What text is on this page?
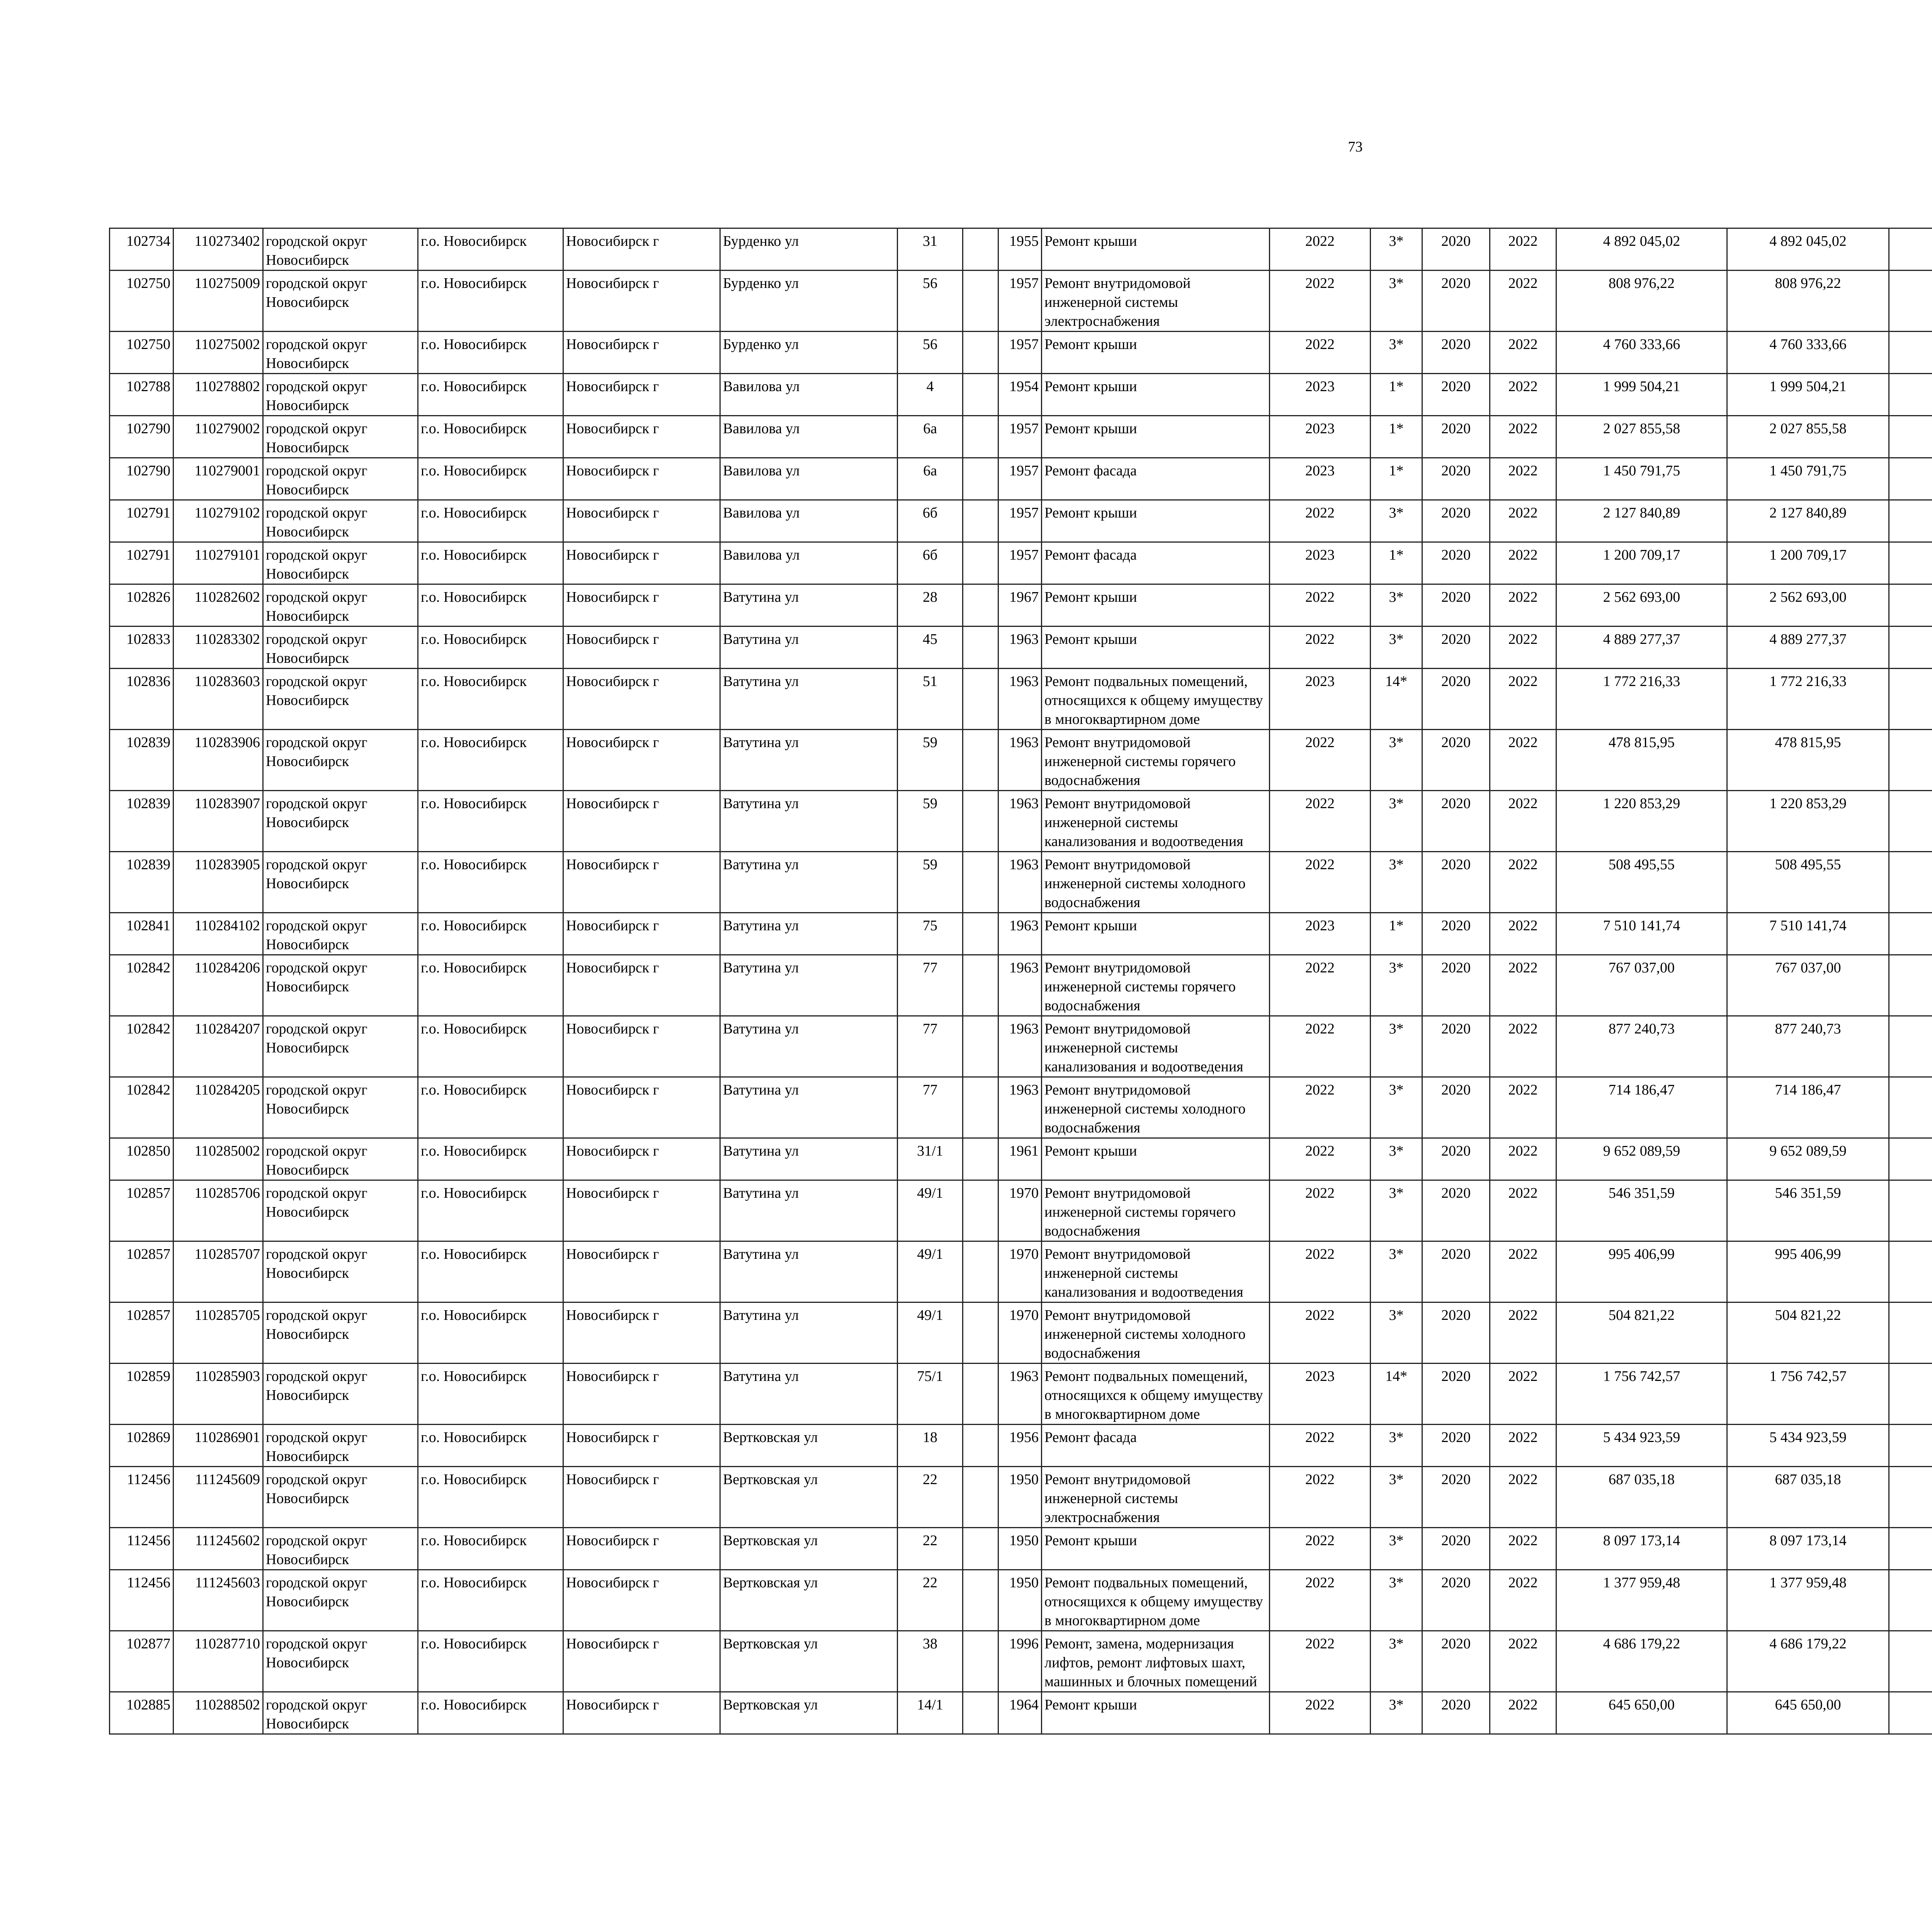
73
102734	110273402	городской округ Новосибирск	г.о. Новосибирск	Новосибирск г	Бурденко ул	31		1955	Ремонт крыши	2022	3*	2020	2022	4 892 045,02	4 892 045,02						
102750	110275009	городской округ Новосибирск	г.о. Новосибирск	Новосибирск г	Бурденко ул	56		1957	Ремонт внутридомовой инженерной системы электроснабжения	2022	3*	2020	2022	808 976,22	808 976,22						
102750	110275002	городской округ Новосибирск	г.о. Новосибирск	Новосибирск г	Бурденко ул	56		1957	Ремонт крыши	2022	3*	2020	2022	4 760 333,66	4 760 333,66						
102788	110278802	городской округ Новосибирск	г.о. Новосибирск	Новосибирск г	Вавилова ул	4		1954	Ремонт крыши	2023	1*	2020	2022	1 999 504,21	1 999 504,21						
102790	110279002	городской округ Новосибирск	г.о. Новосибирск	Новосибирск г	Вавилова ул	6а		1957	Ремонт крыши	2023	1*	2020	2022	2 027 855,58	2 027 855,58						
102790	110279001	городской округ Новосибирск	г.о. Новосибирск	Новосибирск г	Вавилова ул	6а		1957	Ремонт фасада	2023	1*	2020	2022	1 450 791,75	1 450 791,75						
102791	110279102	городской округ Новосибирск	г.о. Новосибирск	Новосибирск г	Вавилова ул	6б		1957	Ремонт крыши	2022	3*	2020	2022	2 127 840,89	2 127 840,89						
102791	110279101	городской округ Новосибирск	г.о. Новосибирск	Новосибирск г	Вавилова ул	6б		1957	Ремонт фасада	2023	1*	2020	2022	1 200 709,17	1 200 709,17						
102826	110282602	городской округ Новосибирск	г.о. Новосибирск	Новосибирск г	Ватутина ул	28		1967	Ремонт крыши	2022	3*	2020	2022	2 562 693,00	2 562 693,00						
102833	110283302	городской округ Новосибирск	г.о. Новосибирск	Новосибирск г	Ватутина ул	45		1963	Ремонт крыши	2022	3*	2020	2022	4 889 277,37	4 889 277,37						
102836	110283603	городской округ Новосибирск	г.о. Новосибирск	Новосибирск г	Ватутина ул	51		1963	Ремонт подвальных помещений, относящихся к общему имуществу в многоквартирном доме	2023	14*	2020	2022	1 772 216,33	1 772 216,33						
102839	110283906	городской округ Новосибирск	г.о. Новосибирск	Новосибирск г	Ватутина ул	59		1963	Ремонт внутридомовой инженерной системы горячего водоснабжения	2022	3*	2020	2022	478 815,95	478 815,95						
102839	110283907	городской округ Новосибирск	г.о. Новосибирск	Новосибирск г	Ватутина ул	59		1963	Ремонт внутридомовой инженерной системы канализования и водоотведения	2022	3*	2020	2022	1 220 853,29	1 220 853,29						
102839	110283905	городской округ Новосибирск	г.о. Новосибирск	Новосибирск г	Ватутина ул	59		1963	Ремонт внутридомовой инженерной системы холодного водоснабжения	2022	3*	2020	2022	508 495,55	508 495,55						
102841	110284102	городской округ Новосибирск	г.о. Новосибирск	Новосибирск г	Ватутина ул	75		1963	Ремонт крыши	2023	1*	2020	2022	7 510 141,74	7 510 141,74						
102842	110284206	городской округ Новосибирск	г.о. Новосибирск	Новосибирск г	Ватутина ул	77		1963	Ремонт внутридомовой инженерной системы горячего водоснабжения	2022	3*	2020	2022	767 037,00	767 037,00						
102842	110284207	городской округ Новосибирск	г.о. Новосибирск	Новосибирск г	Ватутина ул	77		1963	Ремонт внутридомовой инженерной системы канализования и водоотведения	2022	3*	2020	2022	877 240,73	877 240,73						
102842	110284205	городской округ Новосибирск	г.о. Новосибирск	Новосибирск г	Ватутина ул	77		1963	Ремонт внутридомовой инженерной системы холодного водоснабжения	2022	3*	2020	2022	714 186,47	714 186,47						
102850	110285002	городской округ Новосибирск	г.о. Новосибирск	Новосибирск г	Ватутина ул	31/1		1961	Ремонт крыши	2022	3*	2020	2022	9 652 089,59	9 652 089,59						
102857	110285706	городской округ Новосибирск	г.о. Новосибирск	Новосибирск г	Ватутина ул	49/1		1970	Ремонт внутридомовой инженерной системы горячего водоснабжения	2022	3*	2020	2022	546 351,59	546 351,59						
102857	110285707	городской округ Новосибирск	г.о. Новосибирск	Новосибирск г	Ватутина ул	49/1		1970	Ремонт внутридомовой инженерной системы канализования и водоотведения	2022	3*	2020	2022	995 406,99	995 406,99						
102857	110285705	городской округ Новосибирск	г.о. Новосибирск	Новосибирск г	Ватутина ул	49/1		1970	Ремонт внутридомовой инженерной системы холодного водоснабжения	2022	3*	2020	2022	504 821,22	504 821,22						
102859	110285903	городской округ Новосибирск	г.о. Новосибирск	Новосибирск г	Ватутина ул	75/1		1963	Ремонт подвальных помещений, относящихся к общему имуществу в многоквартирном доме	2023	14*	2020	2022	1 756 742,57	1 756 742,57						
102869	110286901	городской округ Новосибирск	г.о. Новосибирск	Новосибирск г	Вертковская ул	18		1956	Ремонт фасада	2022	3*	2020	2022	5 434 923,59	5 434 923,59						
112456	111245609	городской округ Новосибирск	г.о. Новосибирск	Новосибирск г	Вертковская ул	22		1950	Ремонт внутридомовой инженерной системы электроснабжения	2022	3*	2020	2022	687 035,18	687 035,18						
112456	111245602	городской округ Новосибирск	г.о. Новосибирск	Новосибирск г	Вертковская ул	22		1950	Ремонт крыши	2022	3*	2020	2022	8 097 173,14	8 097 173,14						
112456	111245603	городской округ Новосибирск	г.о. Новосибирск	Новосибирск г	Вертковская ул	22		1950	Ремонт подвальных помещений, относящихся к общему имуществу в многоквартирном доме	2022	3*	2020	2022	1 377 959,48	1 377 959,48						
102877	110287710	городской округ Новосибирск	г.о. Новосибирск	Новосибирск г	Вертковская ул	38		1996	Ремонт, замена, модернизация лифтов, ремонт лифтовых шахт, машинных и блочных помещений	2022	3*	2020	2022	4 686 179,22	4 686 179,22						
102885	110288502	городской округ Новосибирск	г.о. Новосибирск	Новосибирск г	Вертковская ул	14/1		1964	Ремонт крыши	2022	3*	2020	2022	645 650,00	645 650,00						
